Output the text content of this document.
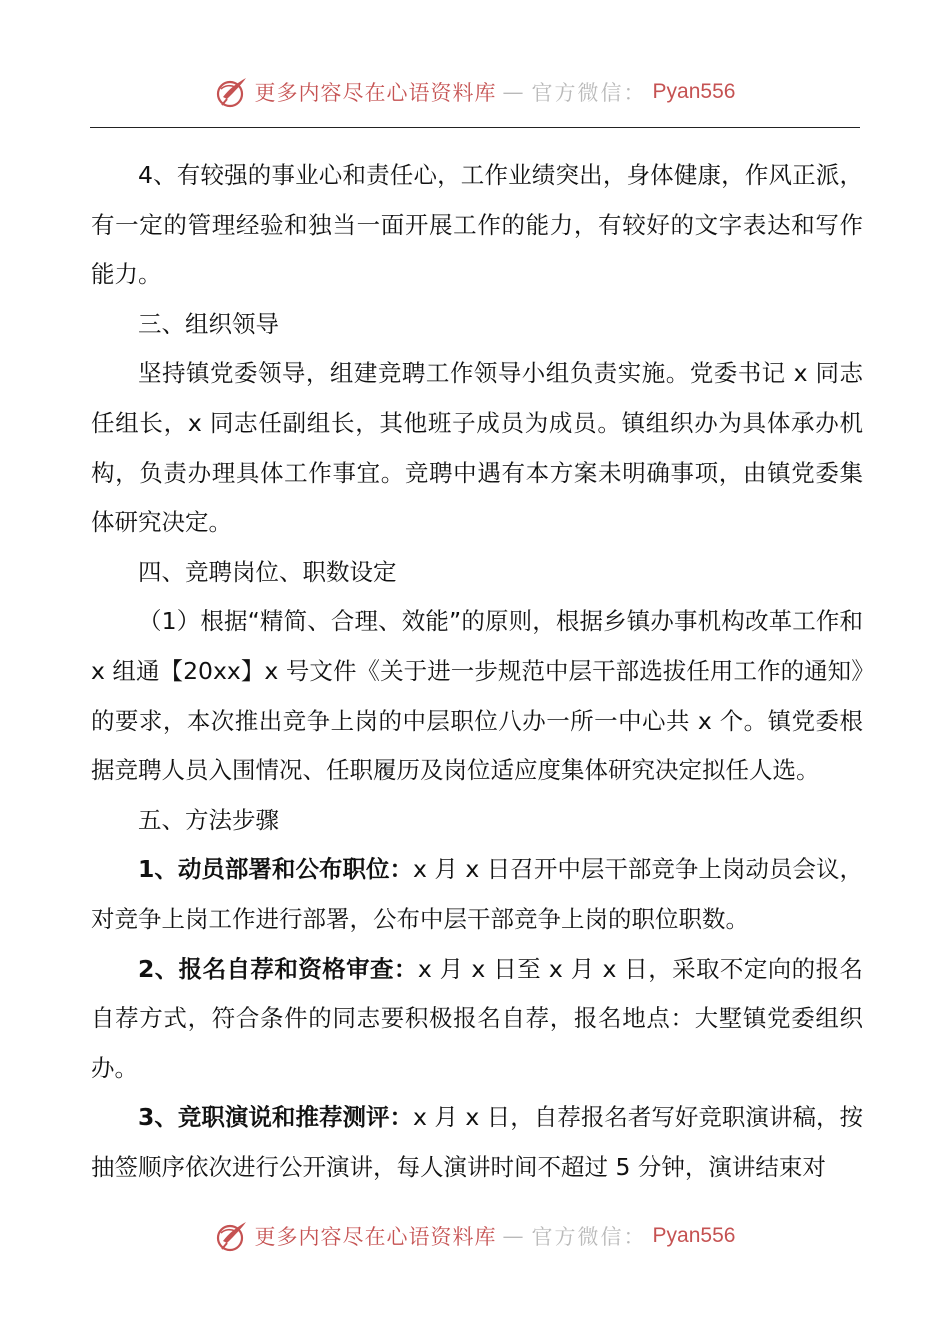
更多内容尽在心语资料库 — 官方微信： Pyan556

4、有较强的事业心和责任心，工作业绩突出，身体健康，作风正派，有一定的管理经验和独当一面开展工作的能力，有较好的文字表达和写作能力。

三、组织领导

坚持镇党委领导，组建竞聘工作领导小组负责实施。党委书记 x 同志任组长，x 同志任副组长，其他班子成员为成员。镇组织办为具体承办机构，负责办理具体工作事宜。竞聘中遇有本方案未明确事项，由镇党委集体研究决定。

四、竞聘岗位、职数设定

（1）根据“精简、合理、效能”的原则，根据乡镇办事机构改革工作和 x 组通【20xx】x 号文件《关于进一步规范中层干部选拔任用工作的通知》的要求，本次推出竞争上岗的中层职位八办一所一中心共 x 个。镇党委根据竞聘人员入围情况、任职履历及岗位适应度集体研究决定拟任人选。

五、方法步骤

1、动员部署和公布职位：x 月 x 日召开中层干部竞争上岗动员会议，对竞争上岗工作进行部署，公布中层干部竞争上岗的职位职数。

2、报名自荐和资格审查：x 月 x 日至 x 月 x 日，采取不定向的报名自荐方式，符合条件的同志要积极报名自荐，报名地点：大墅镇党委组织办。

3、竞职演说和推荐测评：x 月 x 日，自荐报名者写好竞职演讲稿，按抽签顺序依次进行公开演讲，每人演讲时间不超过 5 分钟，演讲结束对

更多内容尽在心语资料库 — 官方微信： Pyan556
